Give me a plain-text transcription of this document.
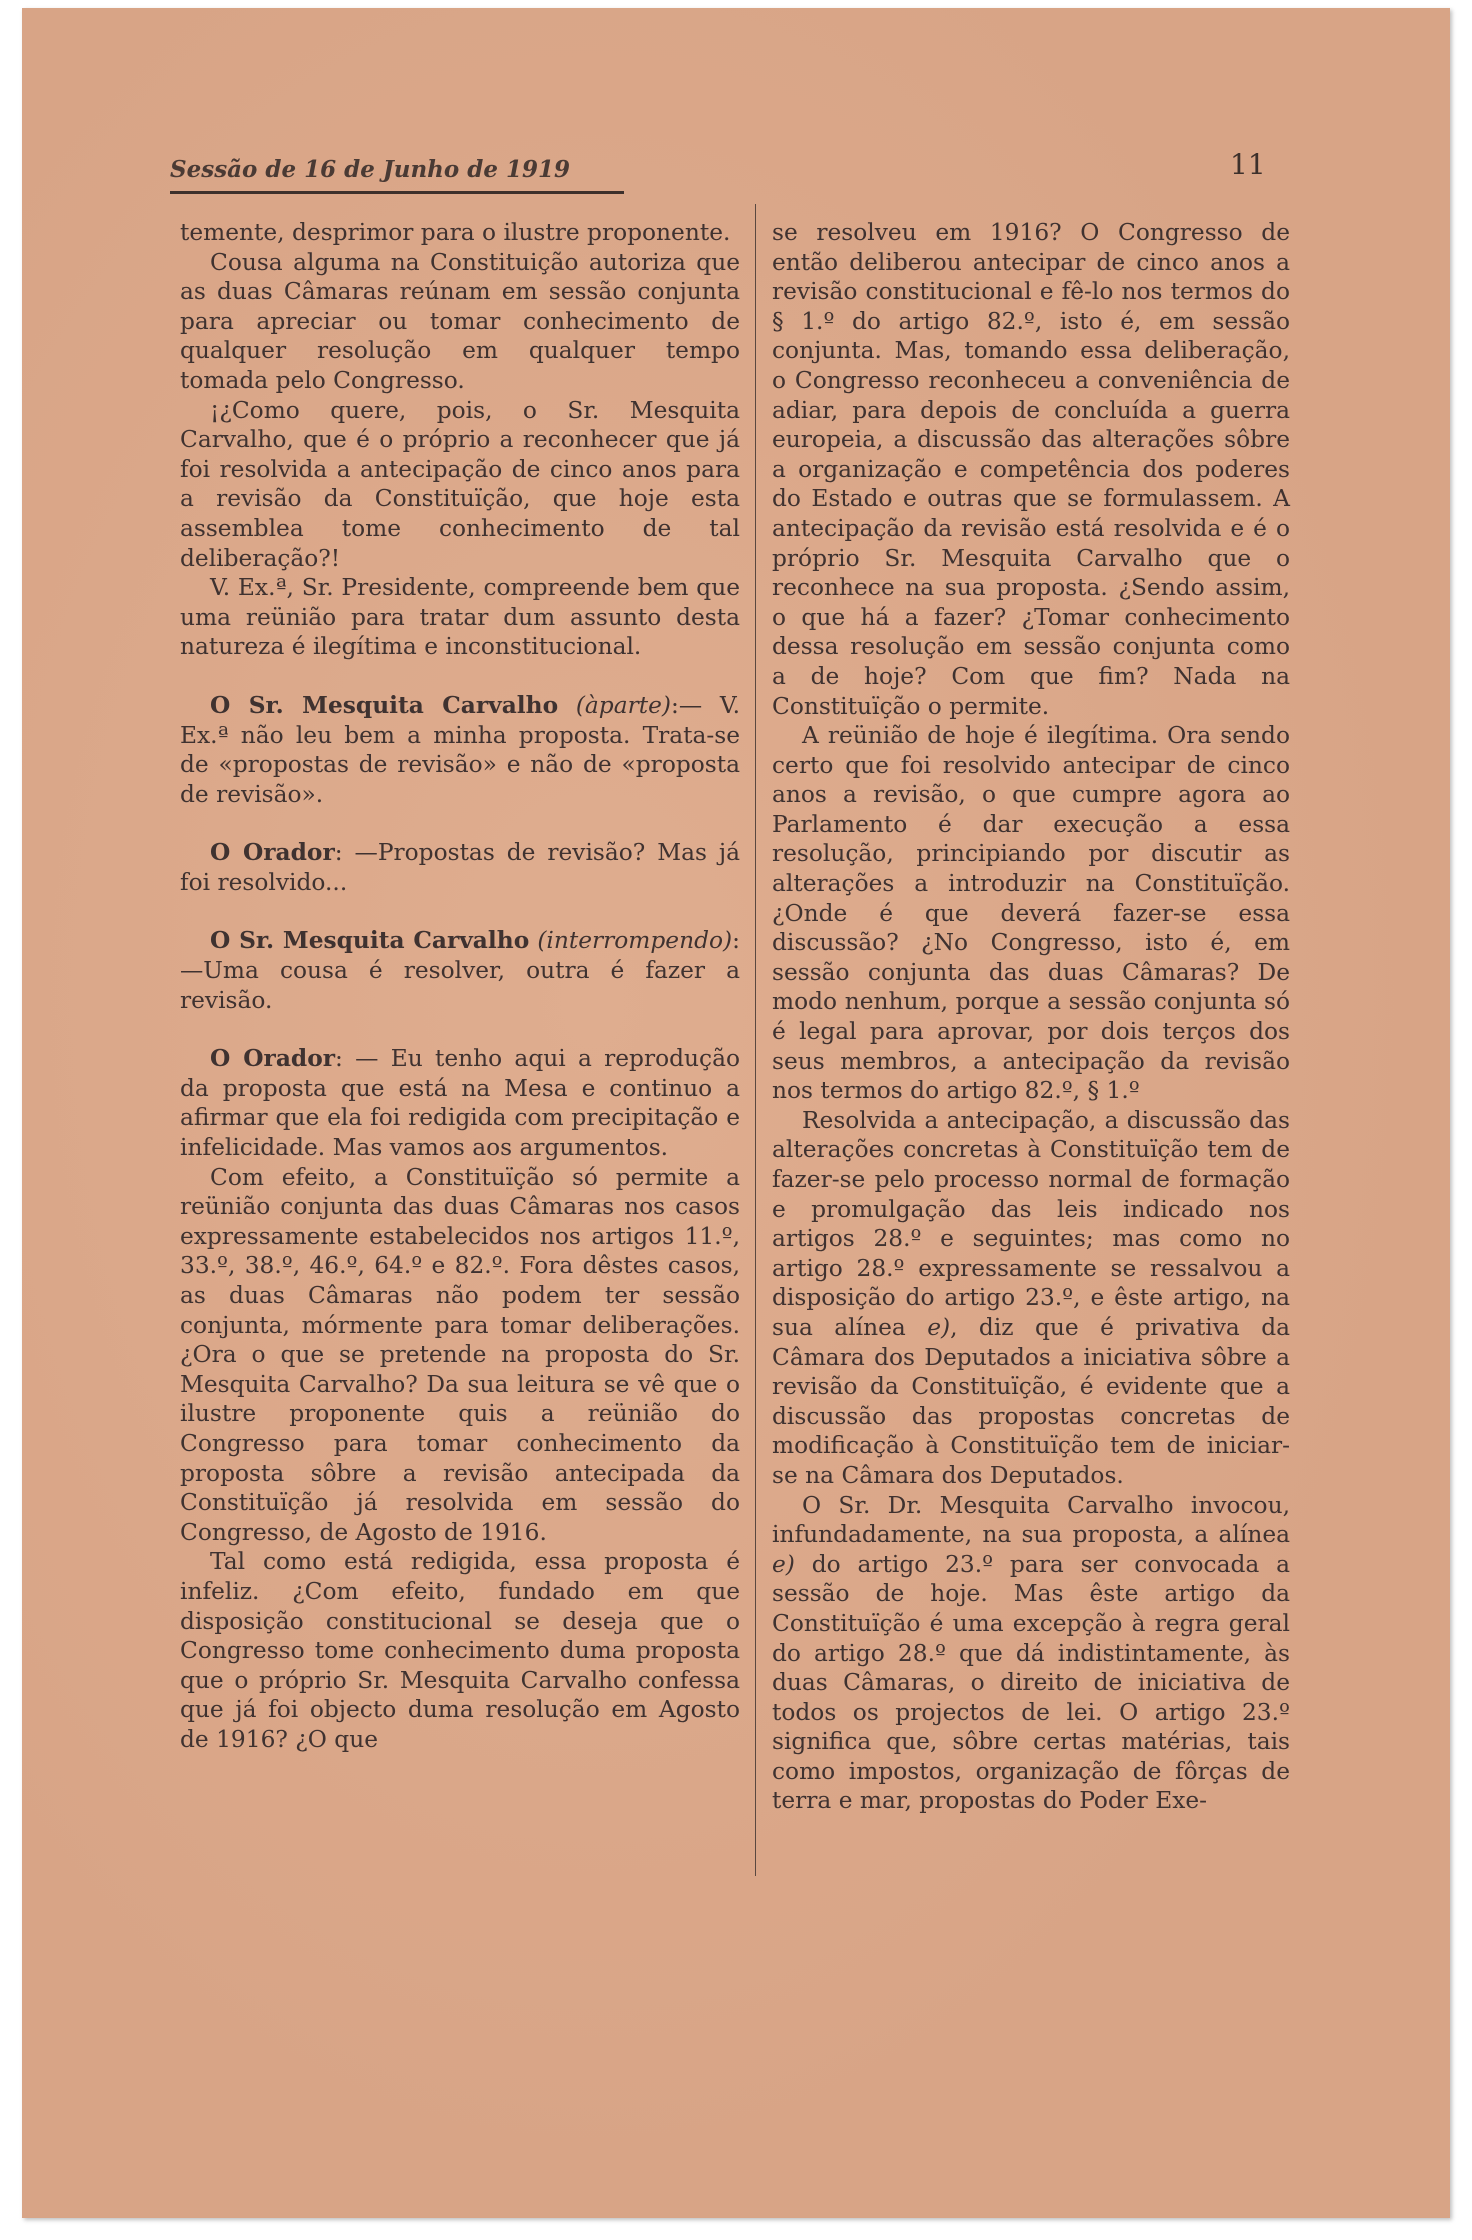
Sessão de 16 de Junho de 1919	11

temente, desprimor para o ilustre proponente.

Cousa alguma na Constituição autoriza que as duas Câmaras reúnam em sessão conjunta para apreciar ou tomar conhecimento de qualquer resolução em qualquer tempo tomada pelo Congresso.

¡¿Como quere, pois, o Sr. Mesquita Carvalho, que é o próprio a reconhecer que já foi resolvida a antecipação de cinco anos para a revisão da Constituïção, que hoje esta assemblea tome conhecimento de tal deliberação?!

V. Ex.ª, Sr. Presidente, compreende bem que uma reünião para tratar dum assunto desta natureza é ilegítima e inconstitucional.

O Sr. Mesquita Carvalho (àparte):— V. Ex.ª não leu bem a minha proposta. Trata-se de «propostas de revisão» e não de «proposta de revisão».

O Orador: —Propostas de revisão? Mas já foi resolvido...

O Sr. Mesquita Carvalho (interrompendo):—Uma cousa é resolver, outra é fazer a revisão.

O Orador: — Eu tenho aqui a reprodução da proposta que está na Mesa e continuo a afirmar que ela foi redigida com precipitação e infelicidade. Mas vamos aos argumentos.

Com efeito, a Constituïção só permite a reünião conjunta das duas Câmaras nos casos expressamente estabelecidos nos artigos 11.º, 33.º, 38.º, 46.º, 64.º e 82.º. Fora dêstes casos, as duas Câmaras não podem ter sessão conjunta, mórmente para tomar deliberações. ¿Ora o que se pretende na proposta do Sr. Mesquita Carvalho? Da sua leitura se vê que o ilustre proponente quis a reünião do Congresso para tomar conhecimento da proposta sôbre a revisão antecipada da Constituïção já resolvida em sessão do Congresso, de Agosto de 1916.

Tal como está redigida, essa proposta é infeliz. ¿Com efeito, fundado em que disposição constitucional se deseja que o Congresso tome conhecimento duma proposta que o próprio Sr. Mesquita Carvalho confessa que já foi objecto duma resolução em Agosto de 1916? ¿O que

se resolveu em 1916? O Congresso de então deliberou antecipar de cinco anos a revisão constitucional e fê-lo nos termos do § 1.º do artigo 82.º, isto é, em sessão conjunta. Mas, tomando essa deliberação, o Congresso reconheceu a conveniência de adiar, para depois de concluída a guerra europeia, a discussão das alterações sôbre a organização e competência dos poderes do Estado e outras que se formulassem. A antecipação da revisão está resolvida e é o próprio Sr. Mesquita Carvalho que o reconhece na sua proposta. ¿Sendo assim, o que há a fazer? ¿Tomar conhecimento dessa resolução em sessão conjunta como a de hoje? Com que fim? Nada na Constituïção o permite.

A reünião de hoje é ilegítima. Ora sendo certo que foi resolvido antecipar de cinco anos a revisão, o que cumpre agora ao Parlamento é dar execução a essa resolução, principiando por discutir as alterações a introduzir na Constituïção. ¿Onde é que deverá fazer-se essa discussão? ¿No Congresso, isto é, em sessão conjunta das duas Câmaras? De modo nenhum, porque a sessão conjunta só é legal para aprovar, por dois terços dos seus membros, a antecipação da revisão nos termos do artigo 82.º, § 1.º

Resolvida a antecipação, a discussão das alterações concretas à Constituïção tem de fazer-se pelo processo normal de formação e promulgação das leis indicado nos artigos 28.º e seguintes; mas como no artigo 28.º expressamente se ressalvou a disposição do artigo 23.º, e êste artigo, na sua alínea e), diz que é privativa da Câmara dos Deputados a iniciativa sôbre a revisão da Constituïção, é evidente que a discussão das propostas concretas de modificação à Constituïção tem de iniciar-se na Câmara dos Deputados.

O Sr. Dr. Mesquita Carvalho invocou, infundadamente, na sua proposta, a alínea e) do artigo 23.º para ser convocada a sessão de hoje. Mas êste artigo da Constituïção é uma excepção à regra geral do artigo 28.º que dá indistintamente, às duas Câmaras, o direito de iniciativa de todos os projectos de lei. O artigo 23.º significa que, sôbre certas matérias, tais como impostos, organização de fôrças de terra e mar, propostas do Poder Exe-
